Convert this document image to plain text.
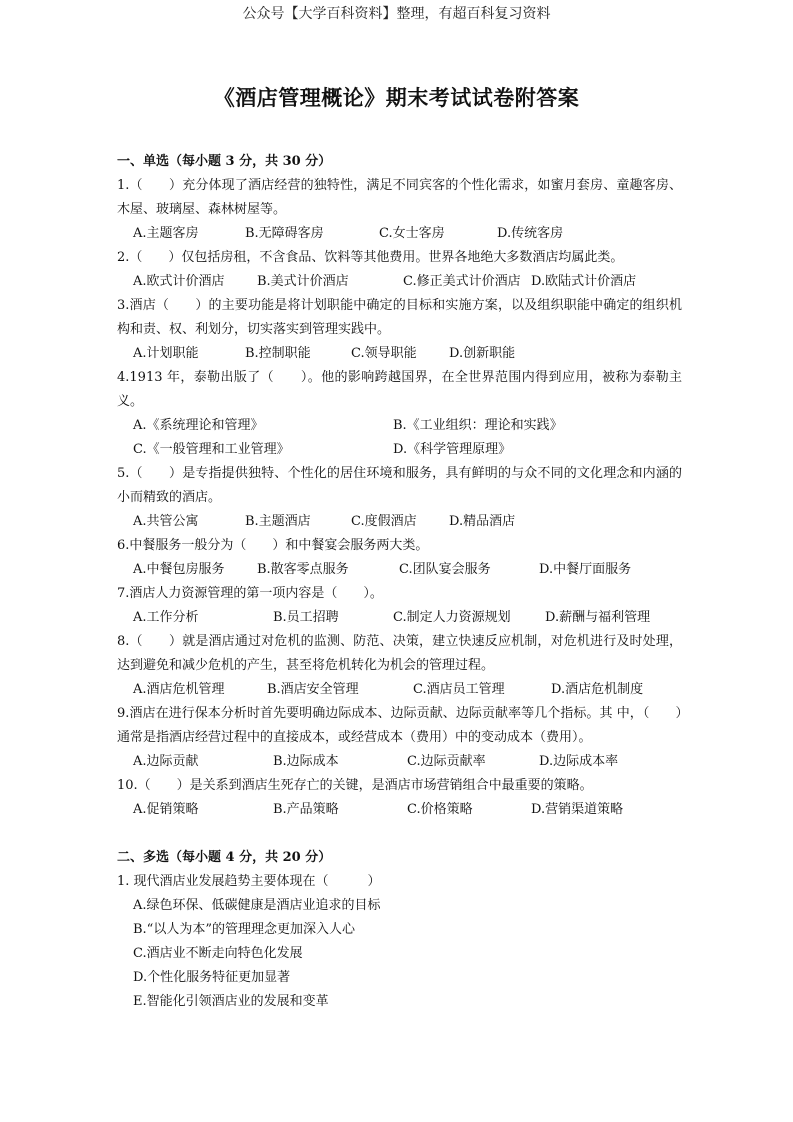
公众号【大学百科资料】整理，有超百科复习资料
《酒店管理概论》期末考试试卷附答案
一、单选（每小题 3 分，共 30 分）
1.（　　）充分体现了酒店经营的独特性，满足不同宾客的个性化需求，如蜜月套房、童趣客房、木屋、玻璃屋、森林树屋等。
A.主题客房	B.无障碍客房	C.女士客房	D.传统客房
2.（　　）仅包括房租，不含食品、饮料等其他费用。世界各地绝大多数酒店均属此类。
A.欧式计价酒店	B.美式计价酒店	C.修正美式计价酒店 D.欧陆式计价酒店
3.酒店（　　）的主要功能是将计划职能中确定的目标和实施方案，以及组织职能中确定的组织机构和责、权、利划分，切实落实到管理实践中。
A.计划职能	B.控制职能	C.领导职能	D.创新职能
4.1913 年，泰勒出版了（　　）。他的影响跨越国界，在全世界范围内得到应用，被称为泰勒主义。
A.《系统理论和管理》	B.《工业组织：理论和实践》
C.《一般管理和工业管理》	D.《科学管理原理》
5.（　　）是专指提供独特、个性化的居住环境和服务，具有鲜明的与众不同的文化理念和内涵的小而精致的酒店。
A.共管公寓	B.主题酒店	C.度假酒店	D.精品酒店
6.中餐服务一般分为（　　）和中餐宴会服务两大类。
A.中餐包房服务	B.散客零点服务	C.团队宴会服务	D.中餐厅面服务
7.酒店人力资源管理的第一项内容是（　　）。
A.工作分析	B.员工招聘	C.制定人力资源规划	D.薪酬与福利管理
8.（　　）就是酒店通过对危机的监测、防范、决策，建立快速反应机制，对危机进行及时处理，达到避免和减少危机的产生，甚至将危机转化为机会的管理过程。
A.酒店危机管理	B.酒店安全管理	C.酒店员工管理	D.酒店危机制度
9.酒店在进行保本分析时首先要明确边际成本、边际贡献、边际贡献率等几个指标。其 中，（　　）通常是指酒店经营过程中的直接成本，或经营成本（费用）中的变动成本（费用）。
A.边际贡献	B.边际成本	C.边际贡献率	D.边际成本率
10.（　　）是关系到酒店生死存亡的关键，是酒店市场营销组合中最重要的策略。
A.促销策略	B.产品策略	C.价格策略	D.营销渠道策略
二、多选（每小题 4 分，共 20 分）
1. 现代酒店业发展趋势主要体现在（　　　）
A.绿色环保、低碳健康是酒店业追求的目标
B.“以人为本”的管理理念更加深入人心
C.酒店业不断走向特色化发展
D.个性化服务特征更加显著
E.智能化引领酒店业的发展和变革
